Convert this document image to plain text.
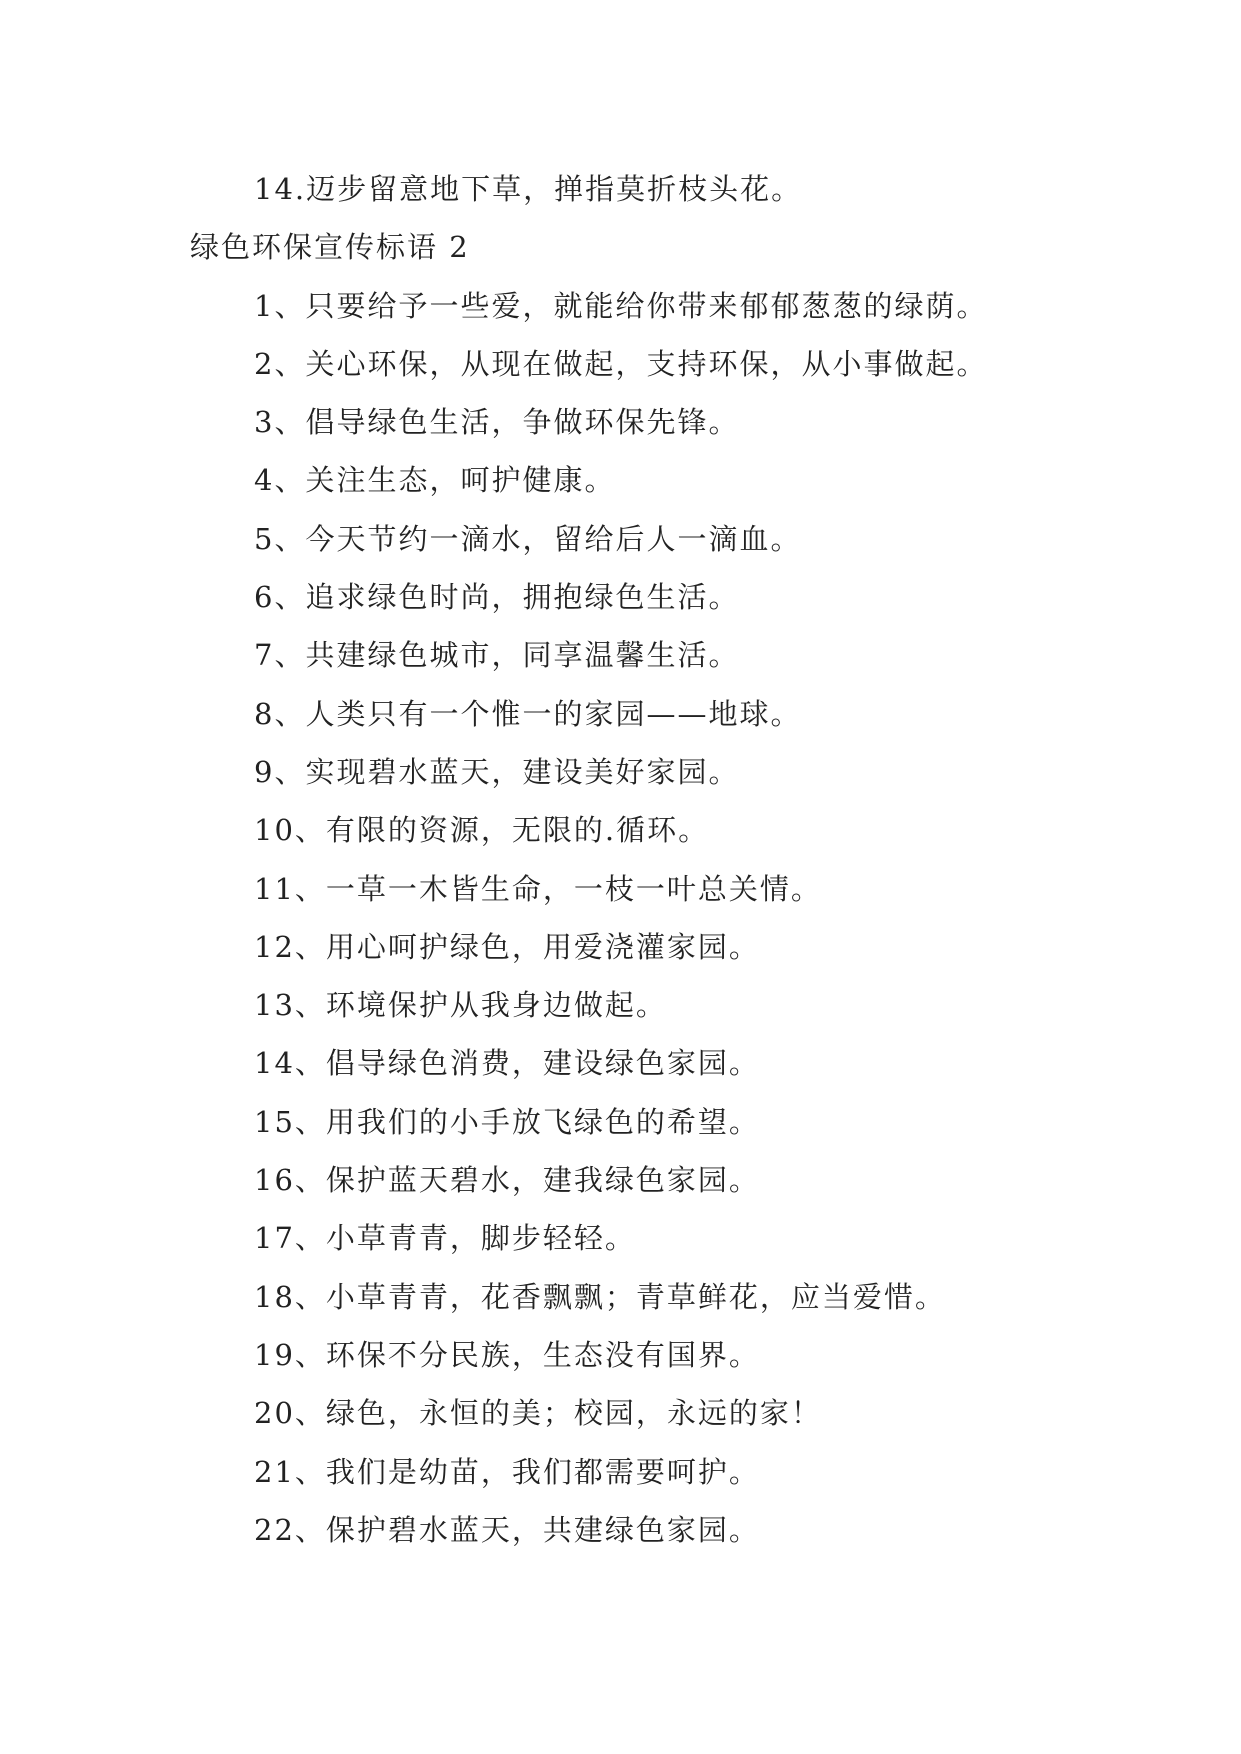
14.迈步留意地下草，掸指莫折枝头花。
绿色环保宣传标语 2
1、只要给予一些爱，就能给你带来郁郁葱葱的绿荫。
2、关心环保，从现在做起，支持环保，从小事做起。
3、倡导绿色生活，争做环保先锋。
4、关注生态，呵护健康。
5、今天节约一滴水，留给后人一滴血。
6、追求绿色时尚，拥抱绿色生活。
7、共建绿色城市，同享温馨生活。
8、人类只有一个惟一的家园——地球。
9、实现碧水蓝天，建设美好家园。
10、有限的资源，无限的.循环。
11、一草一木皆生命，一枝一叶总关情。
12、用心呵护绿色，用爱浇灌家园。
13、环境保护从我身边做起。
14、倡导绿色消费，建设绿色家园。
15、用我们的小手放飞绿色的希望。
16、保护蓝天碧水，建我绿色家园。
17、小草青青，脚步轻轻。
18、小草青青，花香飘飘；青草鲜花，应当爱惜。
19、环保不分民族，生态没有国界。
20、绿色，永恒的美；校园，永远的家！
21、我们是幼苗，我们都需要呵护。
22、保护碧水蓝天，共建绿色家园。
